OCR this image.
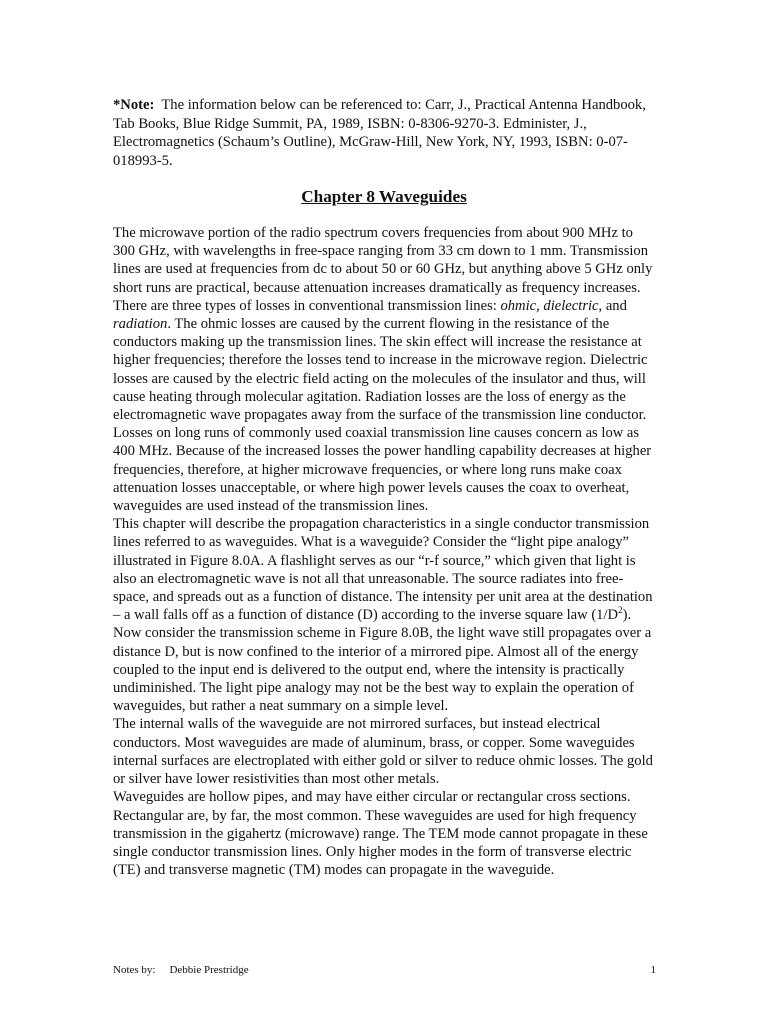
*Note: The information below can be referenced to: Carr, J., Practical Antenna Handbook, Tab Books, Blue Ridge Summit, PA, 1989, ISBN: 0-8306-9270-3. Edminister, J., Electromagnetics (Schaum’s Outline), McGraw-Hill, New York, NY, 1993, ISBN: 0-07-018993-5.
Chapter 8 Waveguides

The microwave portion of the radio spectrum covers frequencies from about 900 MHz to 300 GHz, with wavelengths in free-space ranging from 33 cm down to 1 mm. Transmission lines are used at frequencies from dc to about 50 or 60 GHz, but anything above 5 GHz only short runs are practical, because attenuation increases dramatically as frequency increases. There are three types of losses in conventional transmission lines: ohmic, dielectric, and radiation. The ohmic losses are caused by the current flowing in the resistance of the conductors making up the transmission lines. The skin effect will increase the resistance at higher frequencies; therefore the losses tend to increase in the microwave region. Dielectric losses are caused by the electric field acting on the molecules of the insulator and thus, will cause heating through molecular agitation. Radiation losses are the loss of energy as the electromagnetic wave propagates away from the surface of the transmission line conductor.

Losses on long runs of commonly used coaxial transmission line causes concern as low as 400 MHz. Because of the increased losses the power handling capability decreases at higher frequencies, therefore, at higher microwave frequencies, or where long runs make coax attenuation losses unacceptable, or where high power levels causes the coax to overheat, waveguides are used instead of the transmission lines.

This chapter will describe the propagation characteristics in a single conductor transmission lines referred to as waveguides. What is a waveguide? Consider the “light pipe analogy” illustrated in Figure 8.0A. A flashlight serves as our “r-f source,” which given that light is also an electromagnetic wave is not all that unreasonable. The source radiates into free-space, and spreads out as a function of distance. The intensity per unit area at the destination – a wall falls off as a function of distance (D) according to the inverse square law $(1/D^2)$. Now consider the transmission scheme in Figure 8.0B, the light wave still propagates over a distance D, but is now confined to the interior of a mirrored pipe. Almost all of the energy coupled to the input end is delivered to the output end, where the intensity is practically undiminished. The light pipe analogy may not be the best way to explain the operation of waveguides, but rather a neat summary on a simple level.

The internal walls of the waveguide are not mirrored surfaces, but instead electrical conductors. Most waveguides are made of aluminum, brass, or copper. Some waveguides internal surfaces are electroplated with either gold or silver to reduce ohmic losses. The gold or silver have lower resistivities than most other metals.

Waveguides are hollow pipes, and may have either circular or rectangular cross sections. Rectangular are, by far, the most common. These waveguides are used for high frequency transmission in the gigahertz (microwave) range. The TEM mode cannot propagate in these single conductor transmission lines. Only higher modes in the form of transverse electric (TE) and transverse magnetic (TM) modes can propagate in the waveguide.

Notes by: Debbie Prestridge	1
